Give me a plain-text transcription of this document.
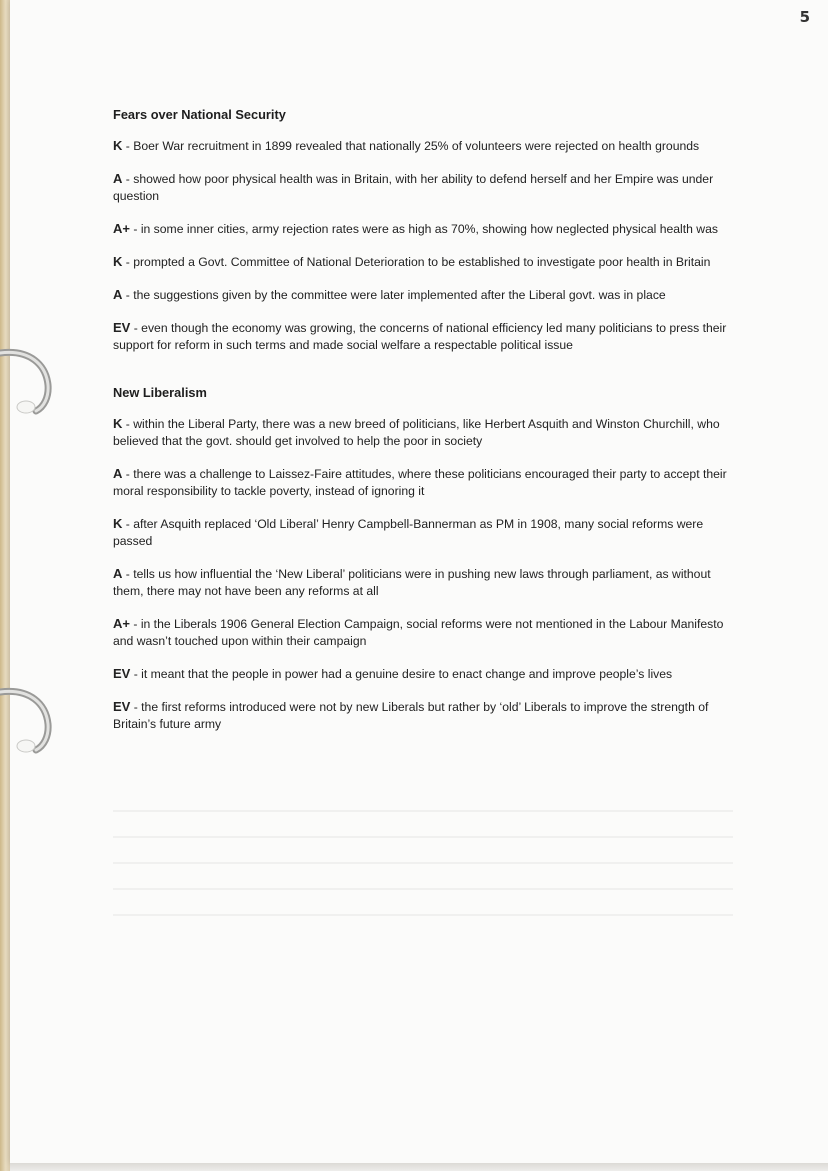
5
Fears over National Security
K - Boer War recruitment in 1899 revealed that nationally 25% of volunteers were rejected on health grounds
A - showed how poor physical health was in Britain, with her ability to defend herself and her Empire was under question
A+ - in some inner cities, army rejection rates were as high as 70%, showing how neglected physical health was
K - prompted a Govt. Committee of National Deterioration to be established to investigate poor health in Britain
A - the suggestions given by the committee were later implemented after the Liberal govt. was in place
EV - even though the economy was growing, the concerns of national efficiency led many politicians to press their support for reform in such terms and made social welfare a respectable political issue
New Liberalism
K - within the Liberal Party, there was a new breed of politicians, like Herbert Asquith and Winston Churchill, who believed that the govt. should get involved to help the poor in society
A - there was a challenge to Laissez-Faire attitudes, where these politicians encouraged their party to accept their moral responsibility to tackle poverty, instead of ignoring it
K - after Asquith replaced ‘Old Liberal’ Henry Campbell-Bannerman as PM in 1908, many social reforms were passed
A - tells us how influential the ‘New Liberal’ politicians were in pushing new laws through parliament, as without them, there may not have been any reforms at all
A+ - in the Liberals 1906 General Election Campaign, social reforms were not mentioned in the Labour Manifesto and wasn’t touched upon within their campaign
EV - it meant that the people in power had a genuine desire to enact change and improve people’s lives
EV - the first reforms introduced were not by new Liberals but rather by ‘old’ Liberals to improve the strength of Britain’s future army
